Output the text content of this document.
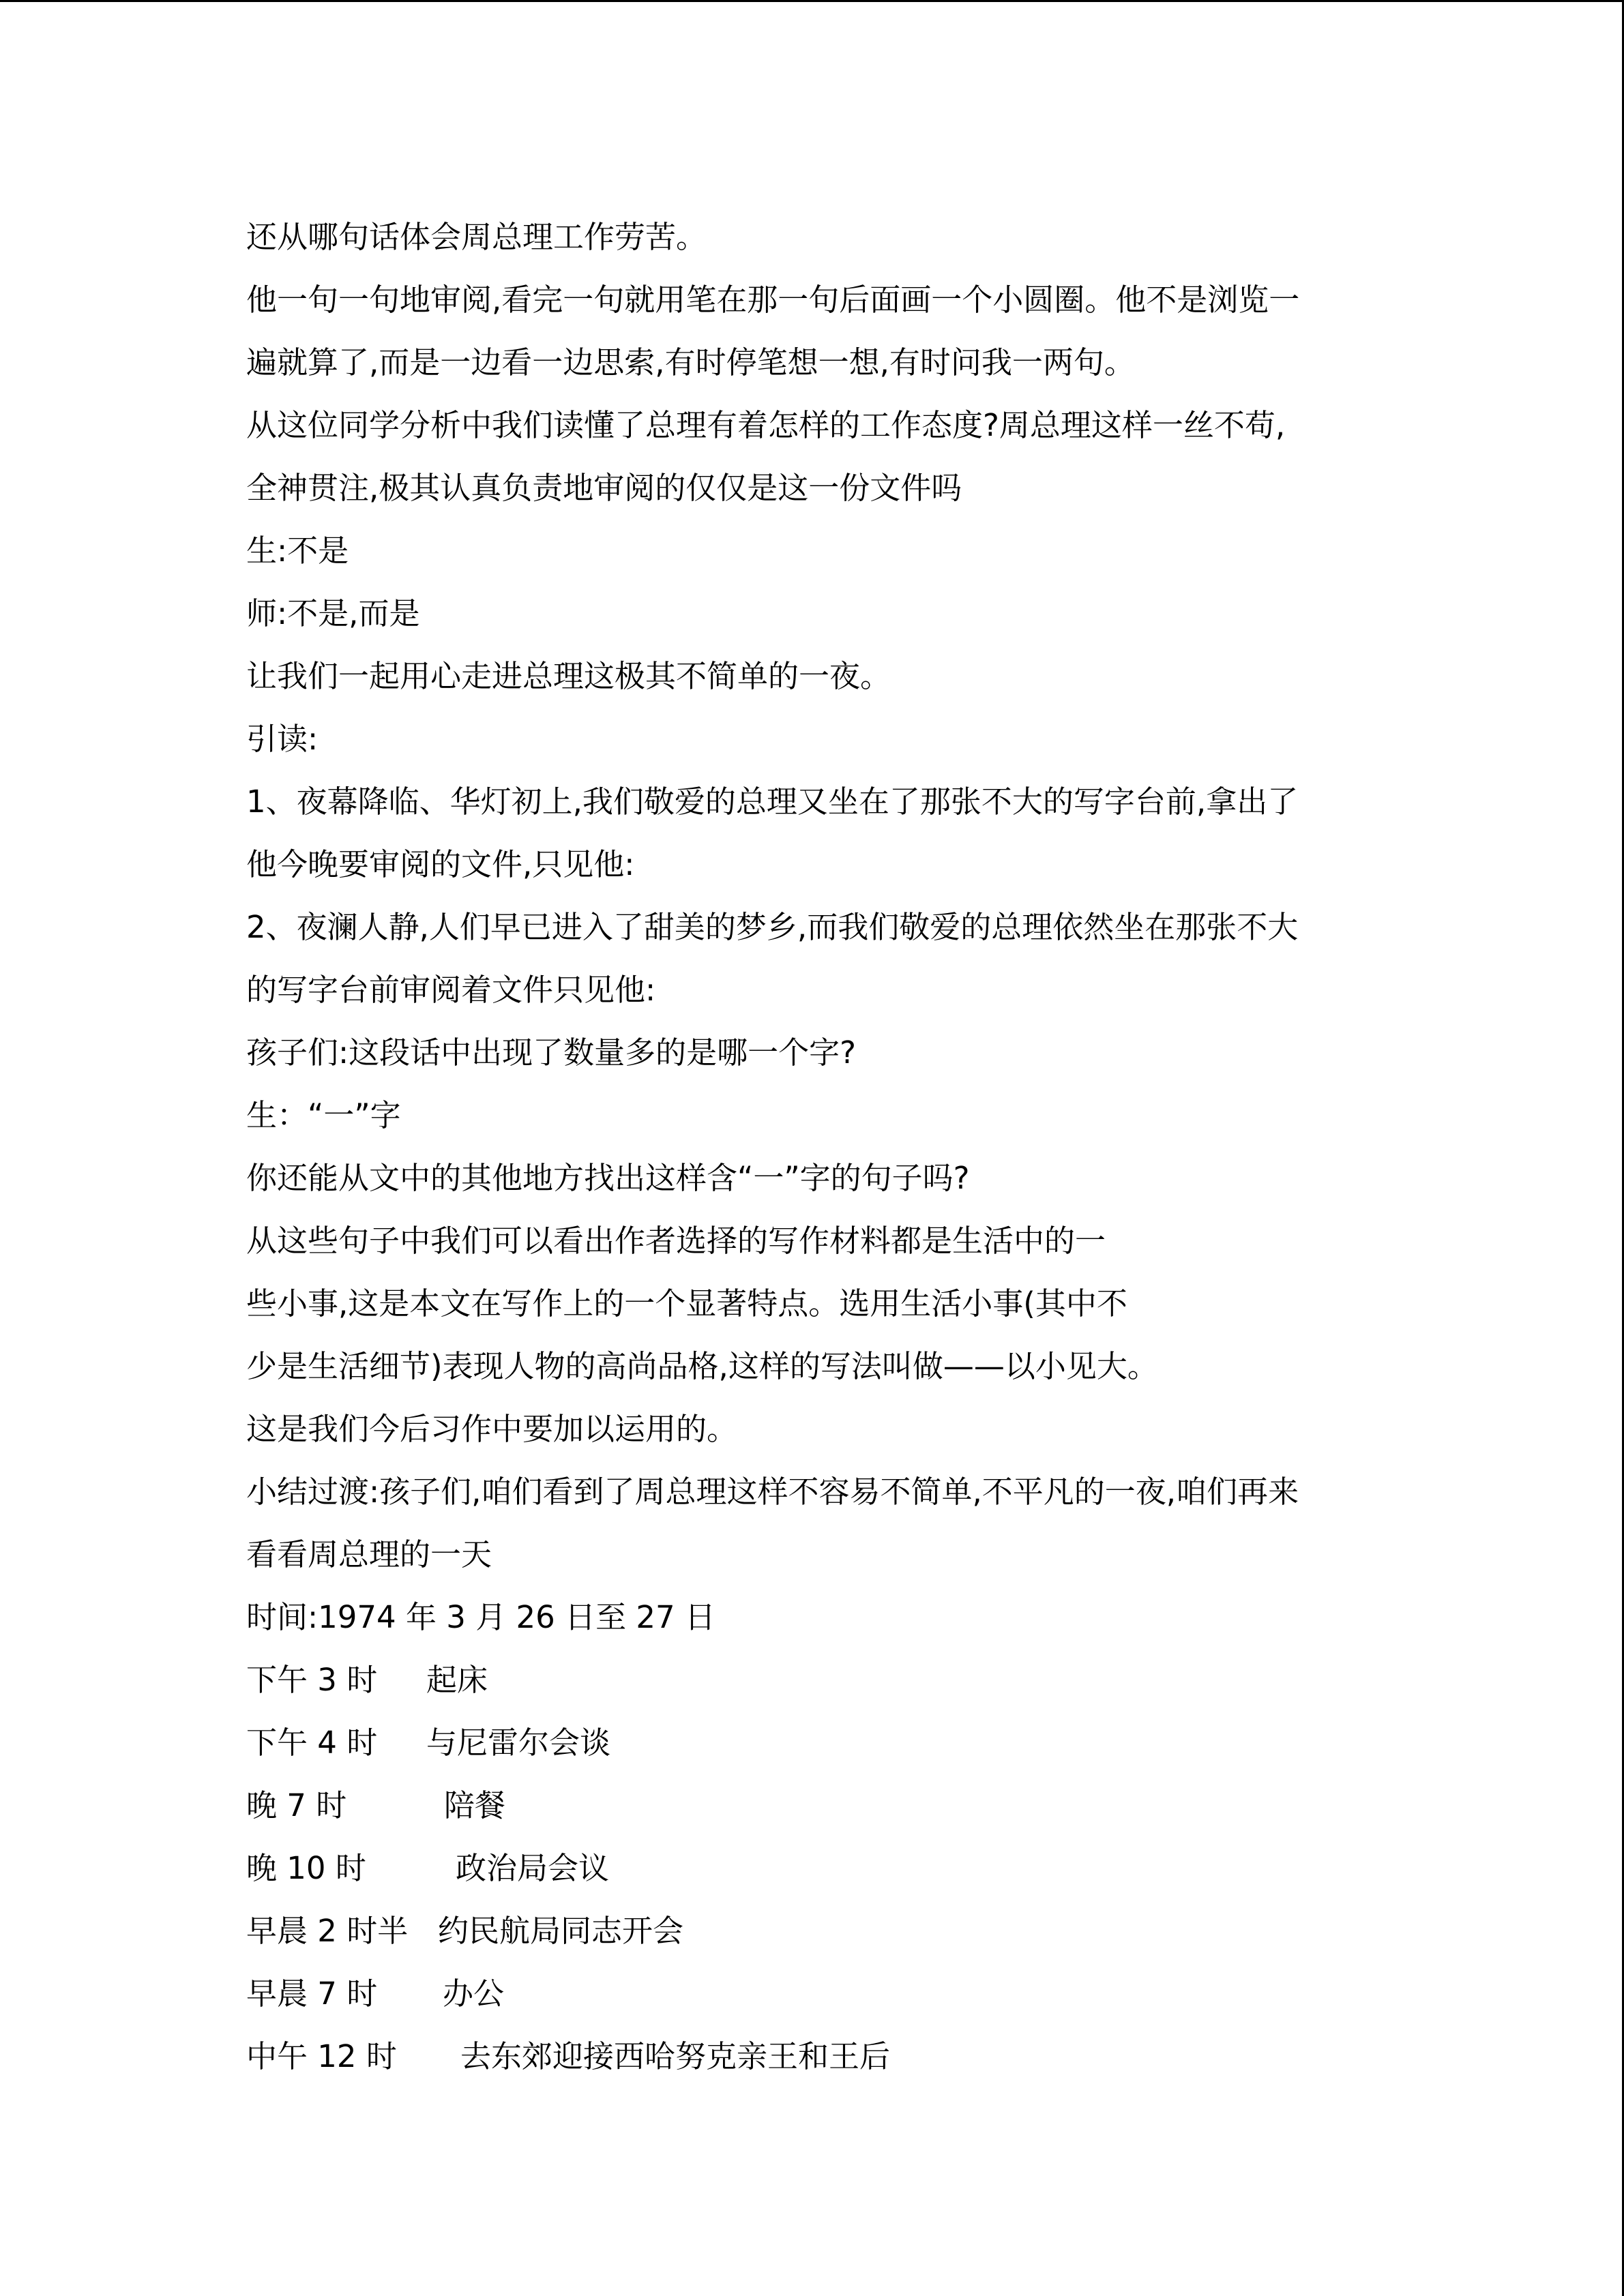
还从哪句话体会周总理工作劳苦。
他一句一句地审阅,看完一句就用笔在那一句后面画一个小圆圈。他不是浏览一
遍就算了,而是一边看一边思索,有时停笔想一想,有时问我一两句。
从这位同学分析中我们读懂了总理有着怎样的工作态度?周总理这样一丝不苟,
全神贯注,极其认真负责地审阅的仅仅是这一份文件吗
生:不是
师:不是,而是
让我们一起用心走进总理这极其不简单的一夜。
引读:
1、夜幕降临、华灯初上,我们敬爱的总理又坐在了那张不大的写字台前,拿出了
他今晚要审阅的文件,只见他:
2、夜澜人静,人们早已进入了甜美的梦乡,而我们敬爱的总理依然坐在那张不大
的写字台前审阅着文件只见他:
孩子们:这段话中出现了数量多的是哪一个字?
生：“一”字
你还能从文中的其他地方找出这样含“一”字的句子吗?
从这些句子中我们可以看出作者选择的写作材料都是生活中的一
些小事,这是本文在写作上的一个显著特点。选用生活小事(其中不
少是生活细节)表现人物的高尚品格,这样的写法叫做——以小见大。
这是我们今后习作中要加以运用的。
小结过渡:孩子们,咱们看到了周总理这样不容易不简单,不平凡的一夜,咱们再来
看看周总理的一天
时间:1974 年 3 月 26 日至 27 日
下午 3 时 起床
下午 4 时 与尼雷尔会谈
晚 7 时	陪餐
晚 10 时	政治局会议
早晨 2 时半 约民航局同志开会
早晨 7 时 办公
中午 12 时 去东郊迎接西哈努克亲王和王后
